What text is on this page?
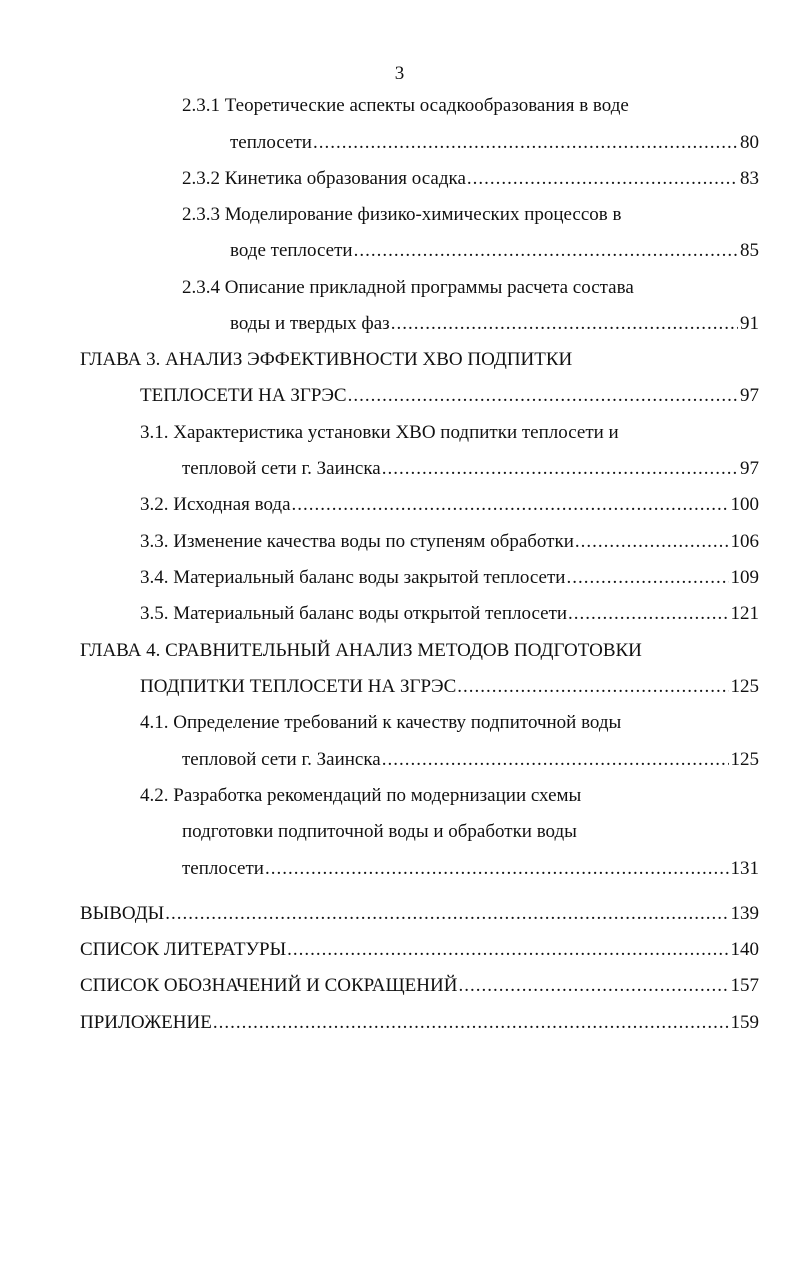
3
2.3.1 Теоретические аспекты осадкообразования в воде
теплосети .....	80
2.3.2 Кинетика образования осадка .....	83
2.3.3 Моделирование физико-химических процессов в
воде теплосети .....	85
2.3.4 Описание прикладной программы расчета состава
воды и твердых фаз .....	91
ГЛАВА 3. АНАЛИЗ ЭФФЕКТИВНОСТИ ХВО ПОДПИТКИ
ТЕПЛОСЕТИ НА ЗГРЭС .....	97
3.1. Характеристика установки ХВО подпитки теплосети и
тепловой сети г. Заинска .....	97
3.2. Исходная вода .....	100
3.3. Изменение качества воды по ступеням обработки .....	106
3.4. Материальный баланс воды закрытой теплосети .....	109
3.5. Материальный баланс воды открытой теплосети .....	121
ГЛАВА 4. СРАВНИТЕЛЬНЫЙ АНАЛИЗ МЕТОДОВ ПОДГОТОВКИ
ПОДПИТКИ ТЕПЛОСЕТИ НА ЗГРЭС .....	125
4.1. Определение требований к качеству подпиточной воды
тепловой сети г. Заинска .....	125
4.2. Разработка рекомендаций по модернизации схемы
подготовки подпиточной воды и обработки воды
теплосети .....	131
ВЫВОДЫ .....	139
СПИСОК ЛИТЕРАТУРЫ .....	140
СПИСОК ОБОЗНАЧЕНИЙ И СОКРАЩЕНИЙ .....	157
ПРИЛОЖЕНИЕ .....	159
